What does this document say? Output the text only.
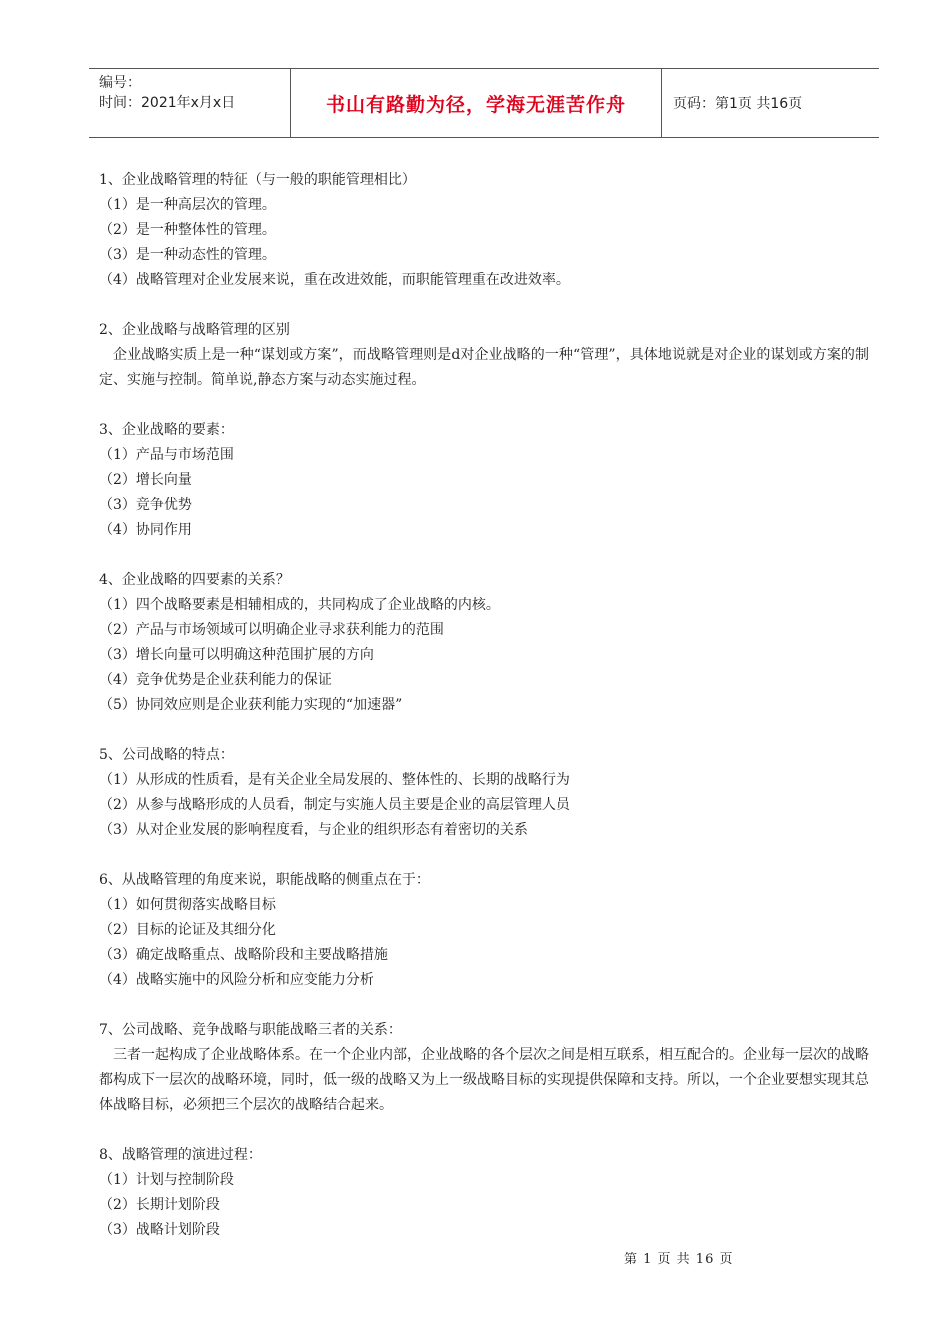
编号：
时间：2021年x月x日	书山有路勤为径，学海无涯苦作舟	页码：第1页 共16页
1、企业战略管理的特征（与一般的职能管理相比）
（1）是一种高层次的管理。
（2）是一种整体性的管理。
（3）是一种动态性的管理。
（4）战略管理对企业发展来说，重在改进效能，而职能管理重在改进效率。
2、企业战略与战略管理的区别
企业战略实质上是一种“谋划或方案”，而战略管理则是d对企业战略的一种“管理”，具体地说就是对企业的谋划或方案的制定、实施与控制。简单说,静态方案与动态实施过程。
3、企业战略的要素：
（1）产品与市场范围
（2）增长向量
（3）竞争优势
（4）协同作用
4、企业战略的四要素的关系？
（1）四个战略要素是相辅相成的，共同构成了企业战略的内核。
（2）产品与市场领域可以明确企业寻求获利能力的范围
（3）增长向量可以明确这种范围扩展的方向
（4）竞争优势是企业获利能力的保证
（5）协同效应则是企业获利能力实现的“加速器”
5、公司战略的特点：
（1）从形成的性质看，是有关企业全局发展的、整体性的、长期的战略行为
（2）从参与战略形成的人员看，制定与实施人员主要是企业的高层管理人员
（3）从对企业发展的影响程度看，与企业的组织形态有着密切的关系
6、从战略管理的角度来说，职能战略的侧重点在于：
（1）如何贯彻落实战略目标
（2）目标的论证及其细分化
（3）确定战略重点、战略阶段和主要战略措施
（4）战略实施中的风险分析和应变能力分析
7、公司战略、竞争战略与职能战略三者的关系：
三者一起构成了企业战略体系。在一个企业内部，企业战略的各个层次之间是相互联系，相互配合的。企业每一层次的战略都构成下一层次的战略环境，同时，低一级的战略又为上一级战略目标的实现提供保障和支持。所以，一个企业要想实现其总体战略目标，必须把三个层次的战略结合起来。
8、战略管理的演进过程：
（1）计划与控制阶段
（2）长期计划阶段
（3）战略计划阶段
第 1 页 共 16 页
